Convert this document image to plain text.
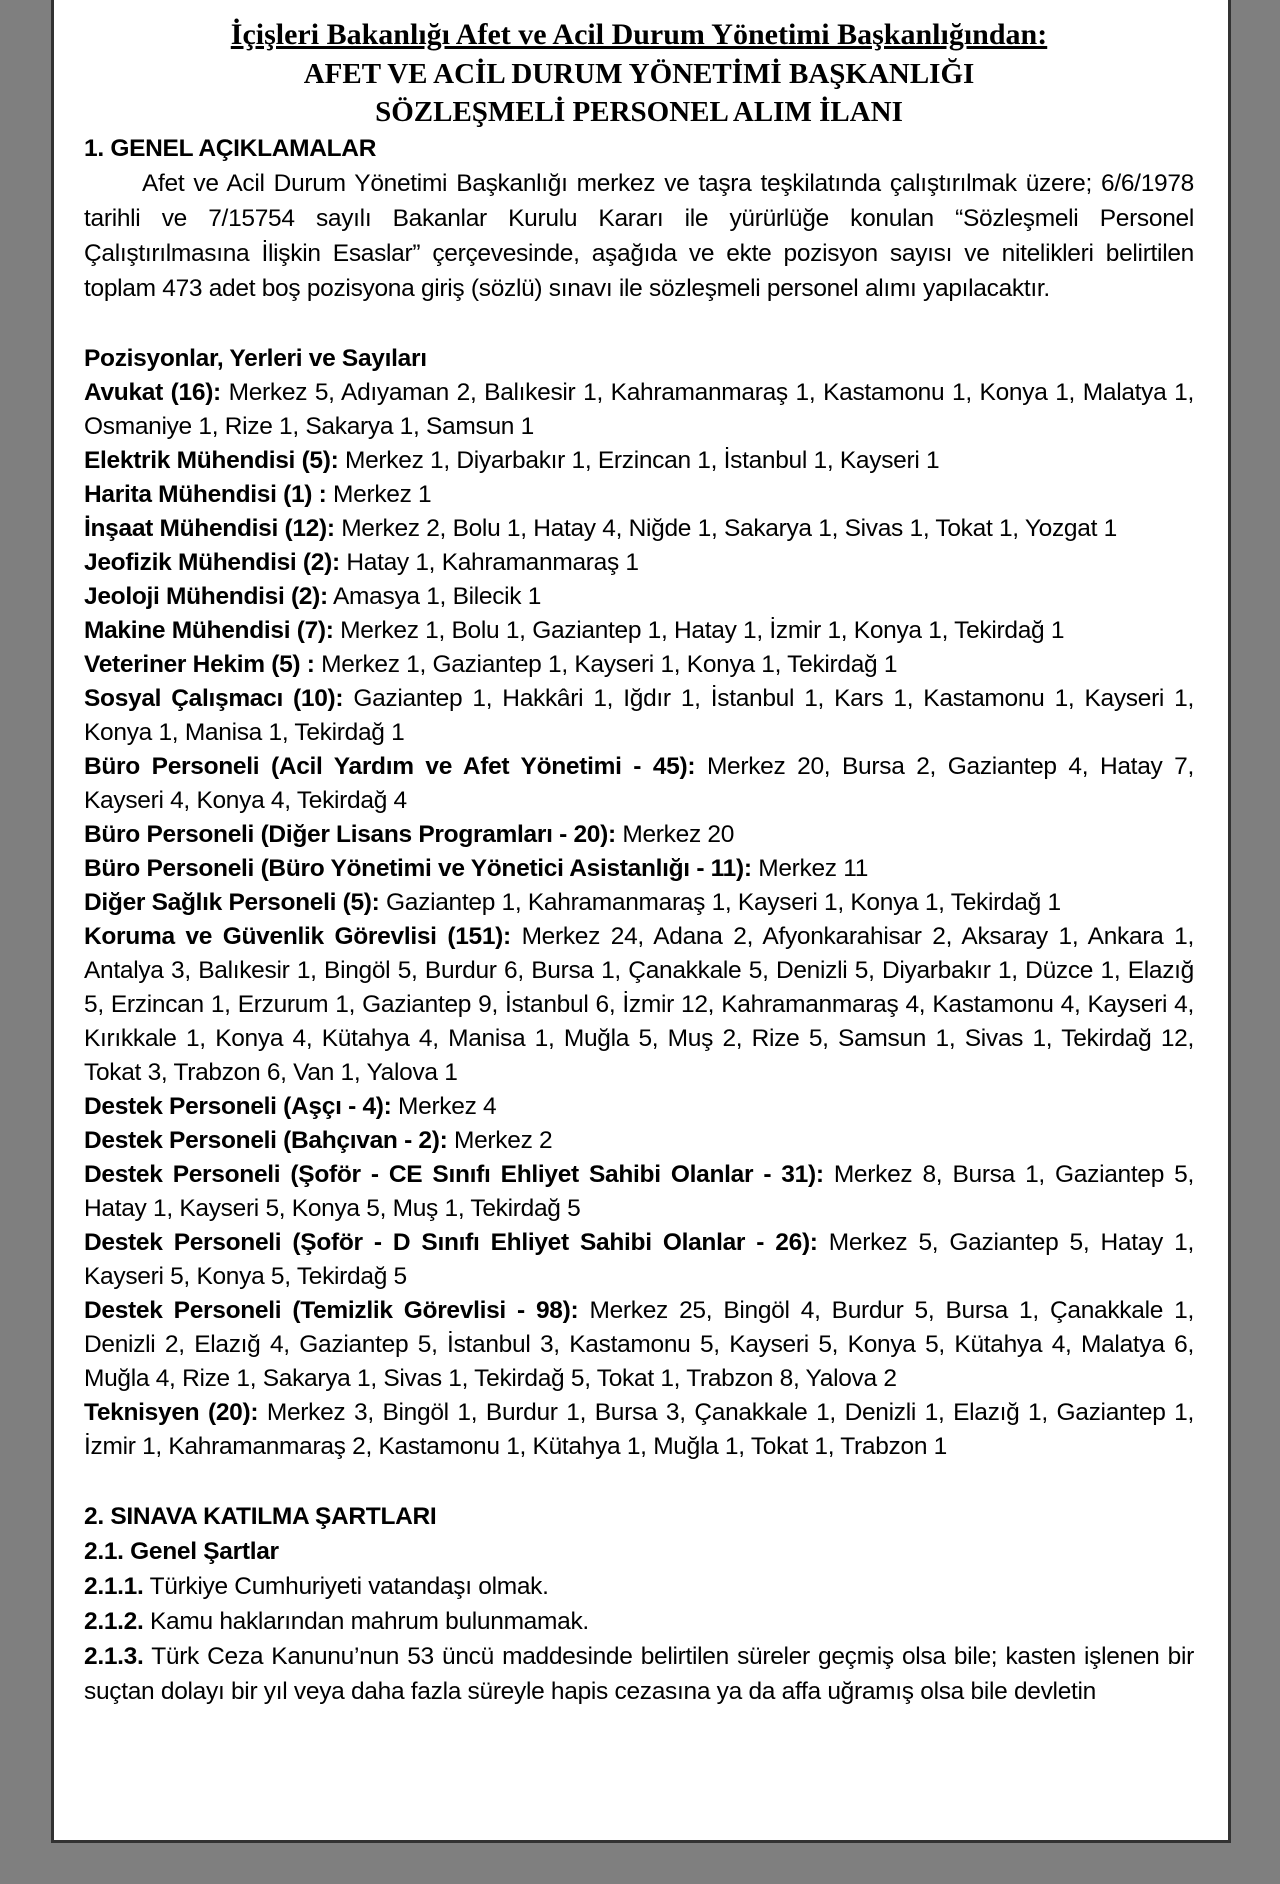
İçişleri Bakanlığı Afet ve Acil Durum Yönetimi Başkanlığından:
AFET VE ACİL DURUM YÖNETİMİ BAŞKANLIĞI
SÖZLEŞMELİ PERSONEL ALIM İLANI
1. GENEL AÇIKLAMALAR

Afet ve Acil Durum Yönetimi Başkanlığı merkez ve taşra teşkilatında çalıştırılmak üzere; 6/6/1978 tarihli ve 7/15754 sayılı Bakanlar Kurulu Kararı ile yürürlüğe konulan “Sözleşmeli Personel Çalıştırılmasına İlişkin Esaslar” çerçevesinde, aşağıda ve ekte pozisyon sayısı ve nitelikleri belirtilen toplam 473 adet boş pozisyona giriş (sözlü) sınavı ile sözleşmeli personel alımı yapılacaktır.

Pozisyonlar, Yerleri ve Sayıları

Avukat (16): Merkez 5, Adıyaman 2, Balıkesir 1, Kahramanmaraş 1, Kastamonu 1, Konya 1, Malatya 1, Osmaniye 1, Rize 1, Sakarya 1, Samsun 1

Elektrik Mühendisi (5): Merkez 1, Diyarbakır 1, Erzincan 1, İstanbul 1, Kayseri 1

Harita Mühendisi (1) : Merkez 1

İnşaat Mühendisi (12): Merkez 2, Bolu 1, Hatay 4, Niğde 1, Sakarya 1, Sivas 1, Tokat 1, Yozgat 1

Jeofizik Mühendisi (2): Hatay 1, Kahramanmaraş 1

Jeoloji Mühendisi (2): Amasya 1, Bilecik 1

Makine Mühendisi (7): Merkez 1, Bolu 1, Gaziantep 1, Hatay 1, İzmir 1, Konya 1, Tekirdağ 1

Veteriner Hekim (5) : Merkez 1, Gaziantep 1, Kayseri 1, Konya 1, Tekirdağ 1

Sosyal Çalışmacı (10): Gaziantep 1, Hakkâri 1, Iğdır 1, İstanbul 1, Kars 1, Kastamonu 1, Kayseri 1, Konya 1, Manisa 1, Tekirdağ 1

Büro Personeli (Acil Yardım ve Afet Yönetimi - 45): Merkez 20, Bursa 2, Gaziantep 4, Hatay 7, Kayseri 4, Konya 4, Tekirdağ 4

Büro Personeli (Diğer Lisans Programları - 20): Merkez 20

Büro Personeli (Büro Yönetimi ve Yönetici Asistanlığı - 11): Merkez 11

Diğer Sağlık Personeli (5): Gaziantep 1, Kahramanmaraş 1, Kayseri 1, Konya 1, Tekirdağ 1

Koruma ve Güvenlik Görevlisi (151): Merkez 24, Adana 2, Afyonkarahisar 2, Aksaray 1, Ankara 1, Antalya 3, Balıkesir 1, Bingöl 5, Burdur 6, Bursa 1, Çanakkale 5, Denizli 5, Diyarbakır 1, Düzce 1, Elazığ 5, Erzincan 1, Erzurum 1, Gaziantep 9, İstanbul 6, İzmir 12, Kahramanmaraş 4, Kastamonu 4, Kayseri 4, Kırıkkale 1, Konya 4, Kütahya 4, Manisa 1, Muğla 5, Muş 2, Rize 5, Samsun 1, Sivas 1, Tekirdağ 12, Tokat 3, Trabzon 6, Van 1, Yalova 1

Destek Personeli (Aşçı - 4): Merkez 4

Destek Personeli (Bahçıvan - 2): Merkez 2

Destek Personeli (Şoför - CE Sınıfı Ehliyet Sahibi Olanlar - 31): Merkez 8, Bursa 1, Gaziantep 5, Hatay 1, Kayseri 5, Konya 5, Muş 1, Tekirdağ 5

Destek Personeli (Şoför - D Sınıfı Ehliyet Sahibi Olanlar - 26): Merkez 5, Gaziantep 5, Hatay 1, Kayseri 5, Konya 5, Tekirdağ 5

Destek Personeli (Temizlik Görevlisi - 98): Merkez 25, Bingöl 4, Burdur 5, Bursa 1, Çanakkale 1, Denizli 2, Elazığ 4, Gaziantep 5, İstanbul 3, Kastamonu 5, Kayseri 5, Konya 5, Kütahya 4, Malatya 6, Muğla 4, Rize 1, Sakarya 1, Sivas 1, Tekirdağ 5, Tokat 1, Trabzon 8, Yalova 2

Teknisyen (20): Merkez 3, Bingöl 1, Burdur 1, Bursa 3, Çanakkale 1, Denizli 1, Elazığ 1, Gaziantep 1, İzmir 1, Kahramanmaraş 2, Kastamonu 1, Kütahya 1, Muğla 1, Tokat 1, Trabzon 1

2. SINAVA KATILMA ŞARTLARI
2.1. Genel Şartlar

2.1.1. Türkiye Cumhuriyeti vatandaşı olmak.

2.1.2. Kamu haklarından mahrum bulunmamak.

2.1.3. Türk Ceza Kanunu’nun 53 üncü maddesinde belirtilen süreler geçmiş olsa bile; kasten işlenen bir suçtan dolayı bir yıl veya daha fazla süreyle hapis cezasına ya da affa uğramış olsa bile devletin
